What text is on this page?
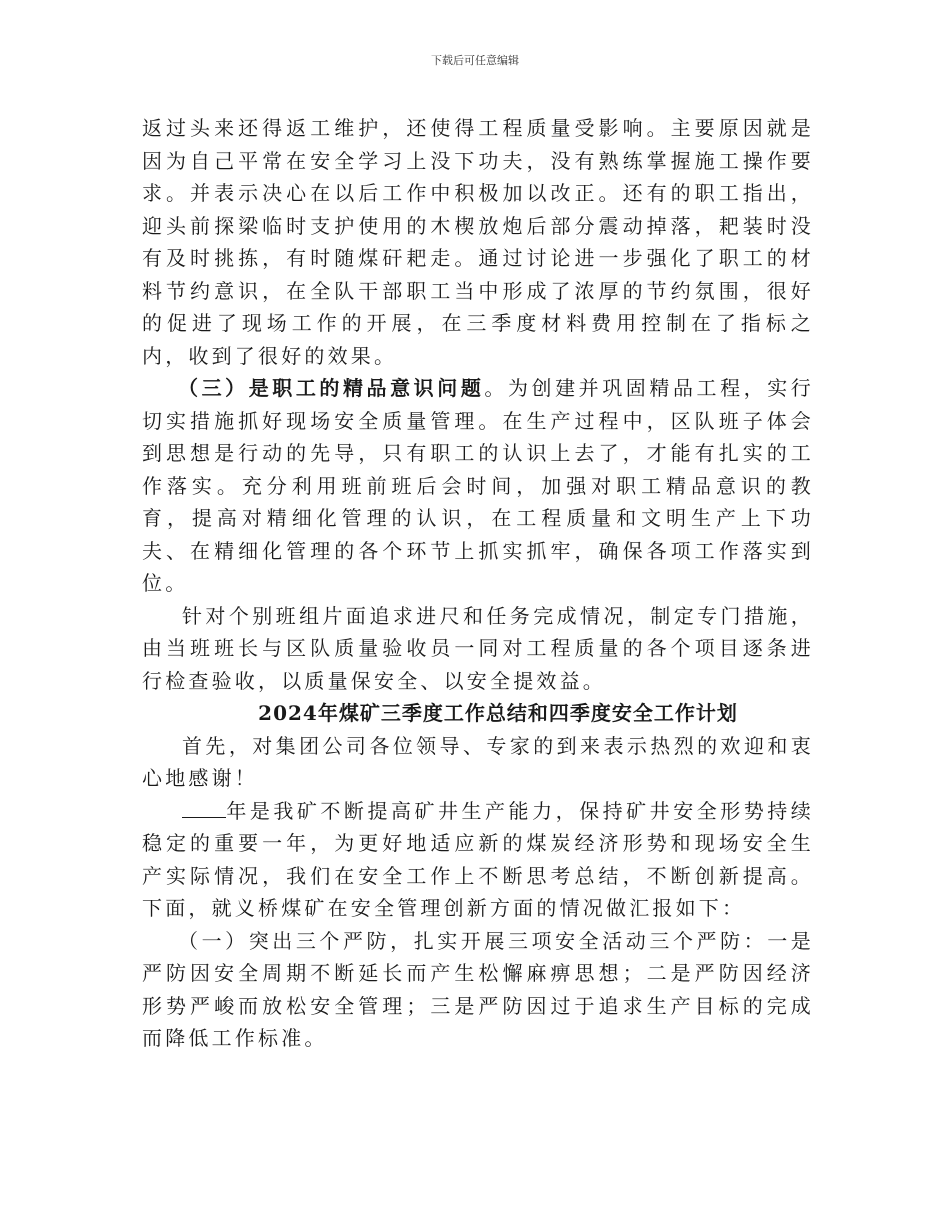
下载后可任意编辑

返过头来还得返工维护，还使得工程质量受影响。主要原因就是因为自己平常在安全学习上没下功夫，没有熟练掌握施工操作要求。并表示决心在以后工作中积极加以改正。还有的职工指出，迎头前探梁临时支护使用的木楔放炮后部分震动掉落，耙装时没有及时挑拣，有时随煤矸耙走。通过讨论进一步强化了职工的材料节约意识，在全队干部职工当中形成了浓厚的节约氛围，很好的促进了现场工作的开展，在三季度材料费用控制在了指标之内，收到了很好的效果。

（三）是职工的精品意识问题。为创建并巩固精品工程，实行切实措施抓好现场安全质量管理。在生产过程中，区队班子体会到思想是行动的先导，只有职工的认识上去了，才能有扎实的工作落实。充分利用班前班后会时间，加强对职工精品意识的教育，提高对精细化管理的认识，在工程质量和文明生产上下功夫、在精细化管理的各个环节上抓实抓牢，确保各项工作落实到位。

针对个别班组片面追求进尺和任务完成情况，制定专门措施，由当班班长与区队质量验收员一同对工程质量的各个项目逐条进行检查验收，以质量保安全、以安全提效益。

2024年煤矿三季度工作总结和四季度安全工作计划

首先，对集团公司各位领导、专家的到来表示热烈的欢迎和衷心地感谢！

年是我矿不断提高矿井生产能力，保持矿井安全形势持续稳定的重要一年，为更好地适应新的煤炭经济形势和现场安全生产实际情况，我们在安全工作上不断思考总结，不断创新提高。下面，就义桥煤矿在安全管理创新方面的情况做汇报如下：

（一）突出三个严防，扎实开展三项安全活动三个严防：一是严防因安全周期不断延长而产生松懈麻痹思想；二是严防因经济形势严峻而放松安全管理；三是严防因过于追求生产目标的完成而降低工作标准。
